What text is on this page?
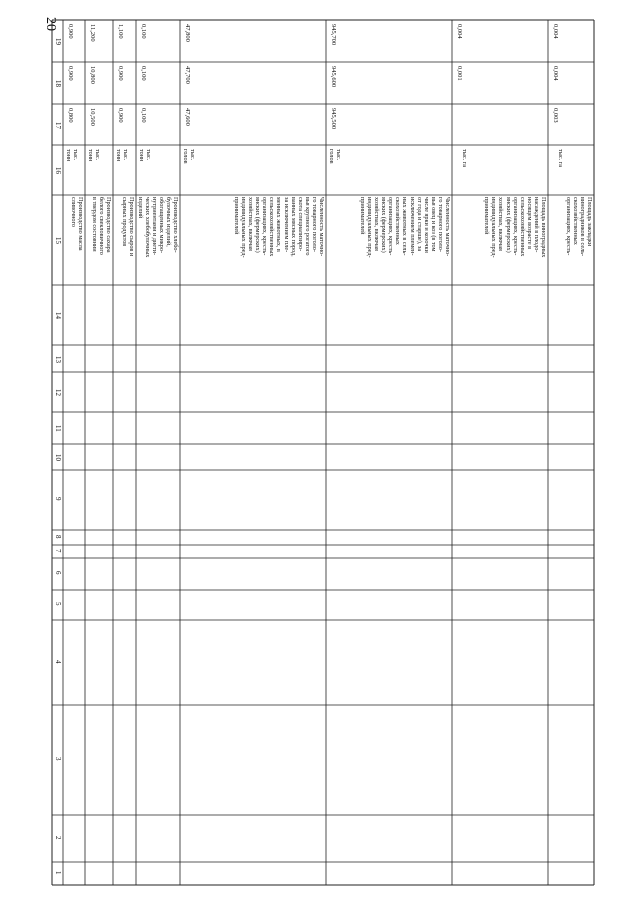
20
1
2
3
4
5
6
7
8
9
10
11
12
13
14
15
16
17
18
19
Производство масла
сливочного
тыс.
тонн
0,800
0,900
0,900
Производство сахара
белого свекловичного
в твердом состоянии
тыс.
тонн
10,500
10,800
11,200
Производство сыров и
сырных продуктов
тыс.
тонн
0,900
0,900
1,100
Производство хлебо-
булочных изделий,
обогащенных микро-
нутриентами и диети-
ческих хлебобулочных
изделий
тыс.
тонн
0,100
0,100
0,100
Численность маточно-
го товарного поголо-
вья крупного рогатого
скота специализиро-
ванных мясных пород,
за исключением пле-
менных животных, в
сельскохозяйственных
организациях, кресть-
янских (фермерских)
хозяйствах, включая
индивидуальных пред-
принимателей
тыс.
голов
47,600
47,700
47,800
Численность маточно-
го товарного поголо-
вья овец и коз (в том
числе ярки и козочки
от года и старше), за
исключением племен-
ных животных в сель-
скохозяйственных
организациях, кресть-
янских (фермерских)
хозяйствах, включая
индивидуальных пред-
принимателей
тыс.
голов
945,500
945,600
945,700
Площадь виноградных
насаждений в плодо-
носящем возрасте в
сельскохозяйственных
организациях, кресть-
янских (фермерских)
хозяйствах, включая
индивидуальных пред-
принимателей
тыс. га
0,001
0,004
Площадь закладки
виноградников в сель-
скохозяйственных
организациях, кресть-
тыс. га
0,003
0,004
0,004
